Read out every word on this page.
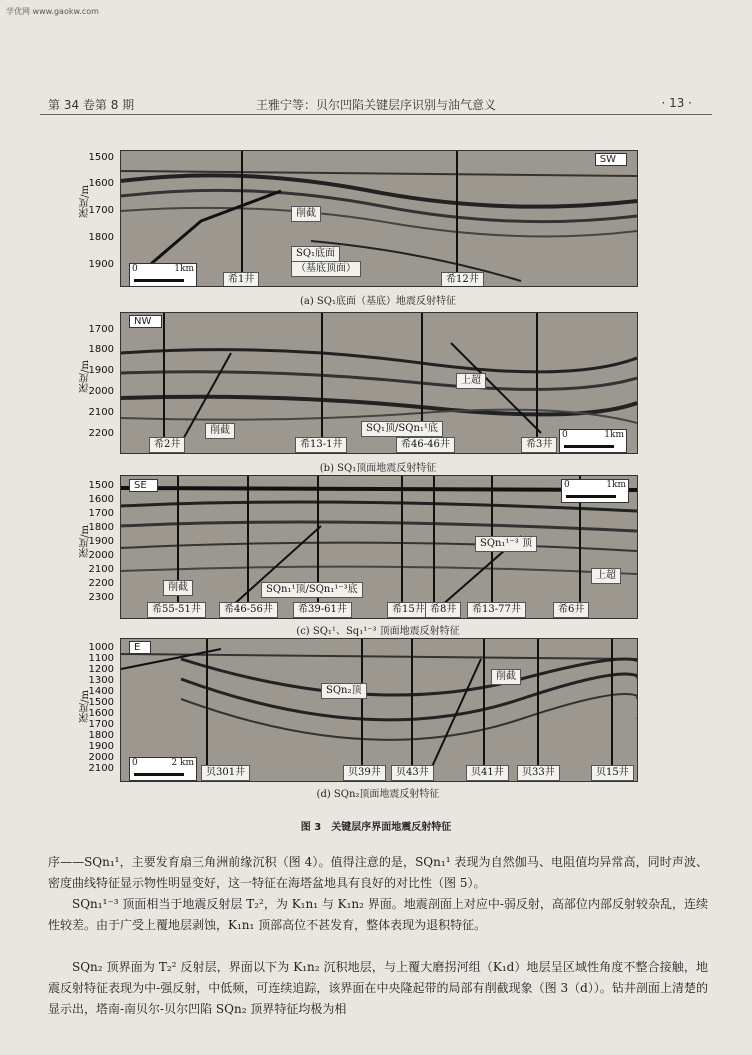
学优网 www.gaokw.com
第 34 卷第 8 期	王雅宁等：贝尔凹陷关键层序识别与油气意义	· 13 ·
深度/m
1500
1600
1700
1800
1900
SW
削截
SQ₁底面
（基底顶面）
0	1km
希1井	希12井
(a) SQ₁底面（基底）地震反射特征
深度/m
1700
1800
1900
2000
2100
2200
NW
削截
上超
SQ₁顶/SQn₁¹底
0	1km
希2井	希13-1井	希46-46井	希3井
(b) SQ₁顶面地震反射特征
深度/m
1500
1600
1700
1800
1900
2000
2100
2200
2300
SE	0	1km
SQn₁¹⁻³ 顶
削截
上超
SQn₁¹顶/SQn₁¹⁻³底
希55-51井	希46-56井	希39-61井	希15井 希8井	希13-77井	希6井
(c) SQ₁¹、Sq₁¹⁻³ 顶面地震反射特征
深度/m
1000
1100
1200
1300
1400
1500
1600
1700
1800
1900
2000
2100
E
SQn₂顶
削截
0	2 km
贝301井	贝39井	贝43井	贝41井	贝33井	贝15井
(d) SQn₂顶面地震反射特征
图 3　关键层序界面地震反射特征
序——SQn₁¹，主要发育扇三角洲前缘沉积（图 4）。值得注意的是，SQn₁¹ 表现为自然伽马、电阻值均异常高，同时声波、密度曲线特征显示物性明显变好，这一特征在海塔盆地具有良好的对比性（图 5）。
SQn₁¹⁻³ 顶面相当于地震反射层 T₂²，为 K₁n₁ 与 K₁n₂ 界面。地震剖面上对应中-弱反射，高部位内部反射较杂乱，连续性较差。由于广受上覆地层剥蚀，K₁n₁ 顶部高位不甚发育，整体表现为退积特征。
SQn₂ 顶界面为 T₂² 反射层，界面以下为 K₁n₂ 沉积地层，与上覆大磨拐河组（K₁d）地层呈区域性角度不整合接触，地震反射特征表现为中-强反射，中低频，可连续追踪，该界面在中央隆起带的局部有削截现象（图 3（d））。钻井剖面上清楚的显示出，塔南-南贝尔-贝尔凹陷 SQn₂ 顶界特征均极为相
